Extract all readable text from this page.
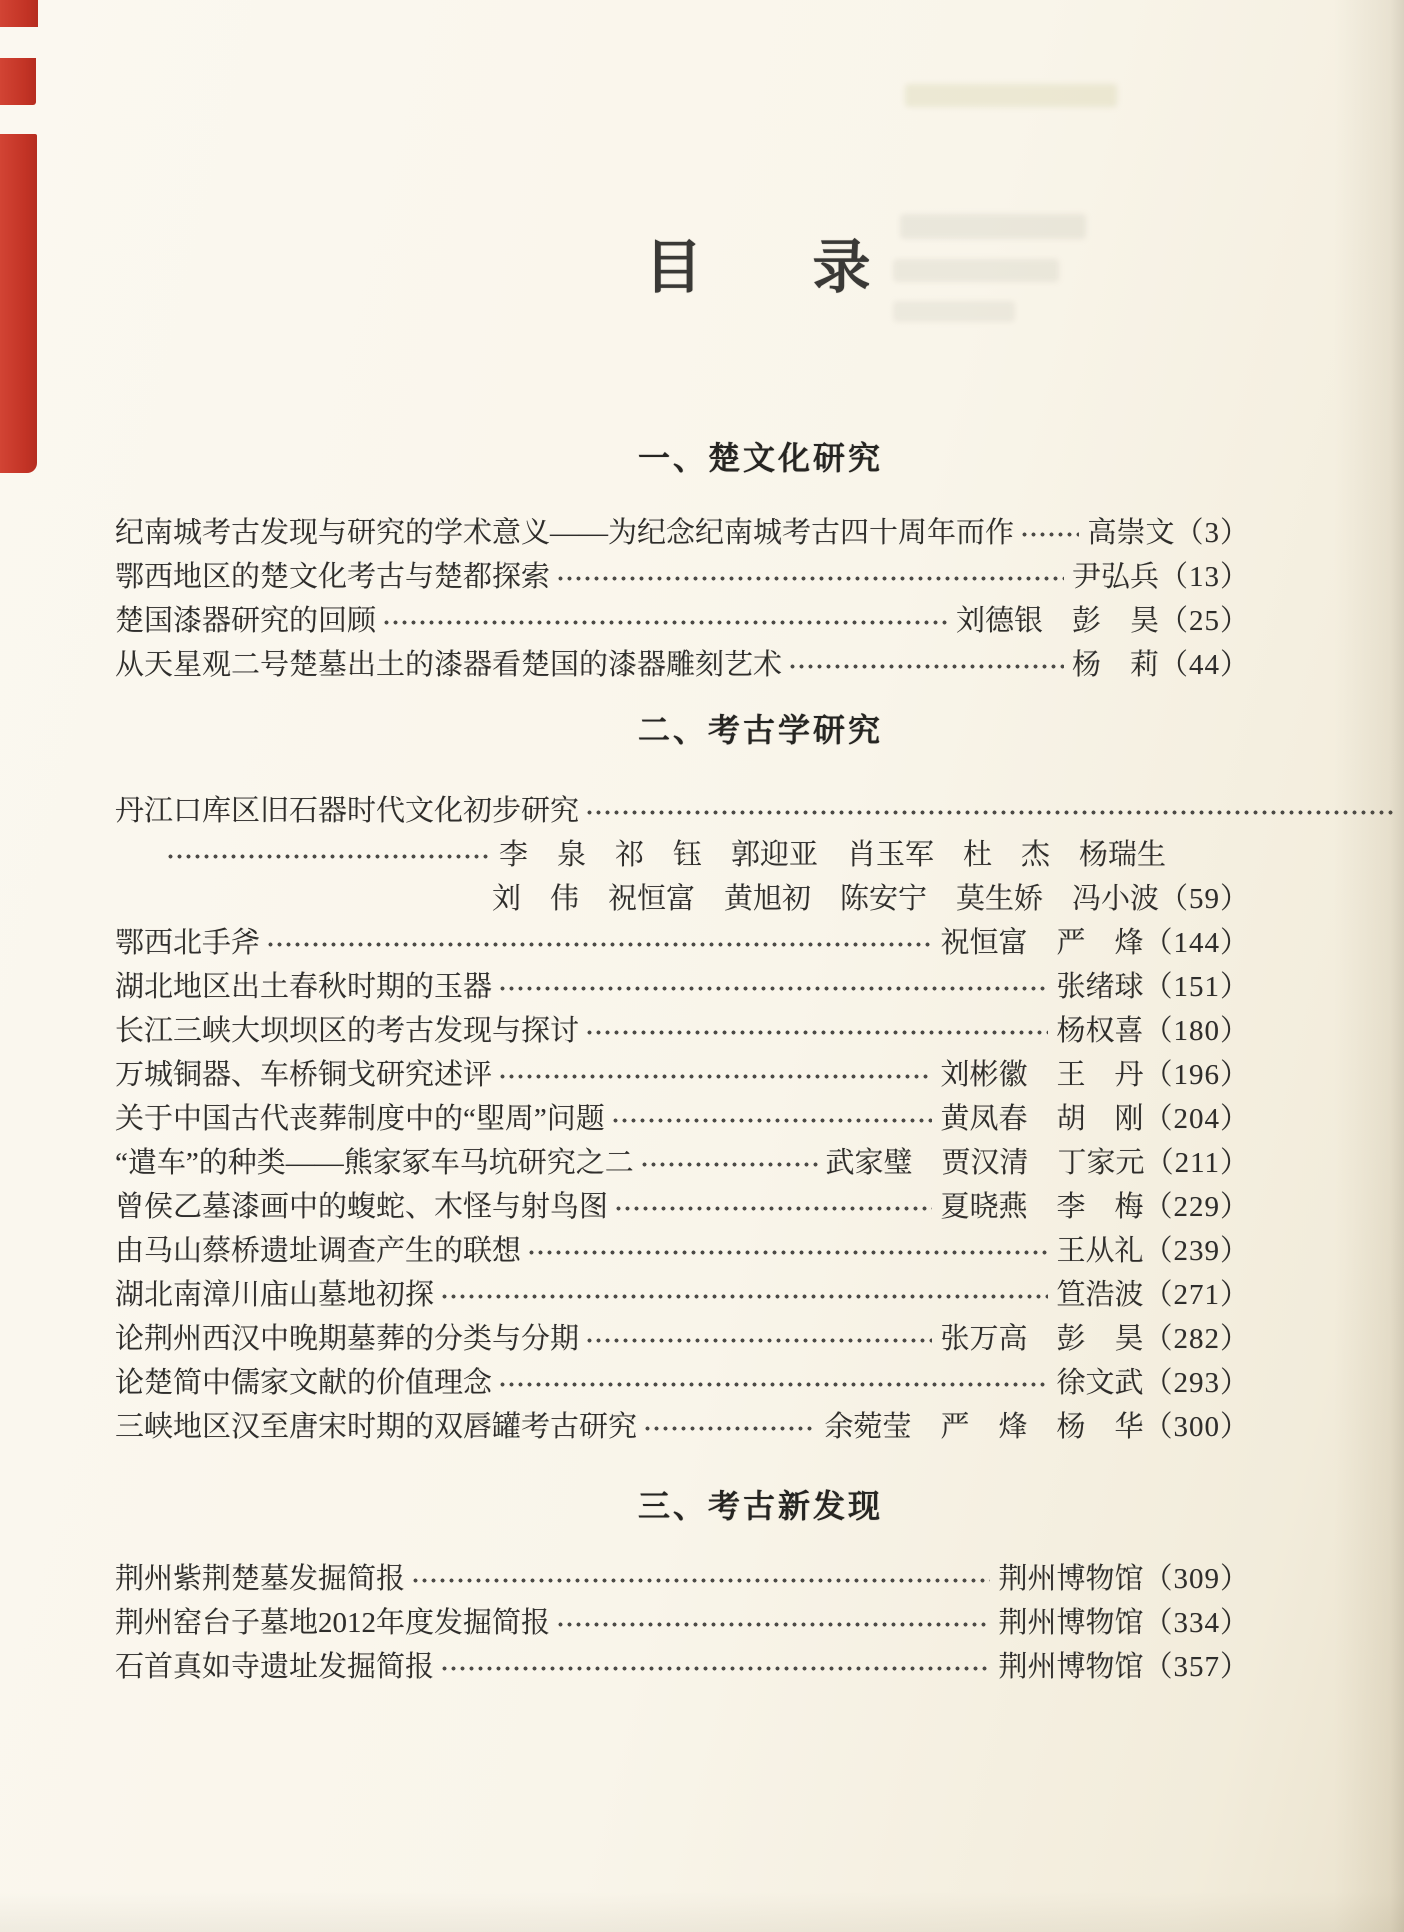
目　录
一、楚文化研究
纪南城考古发现与研究的学术意义——为纪念纪南城考古四十周年而作	高崇文 （3）
鄂西地区的楚文化考古与楚都探索	尹弘兵 （13）
楚国漆器研究的回顾	刘德银　彭　昊 （25）
从天星观二号楚墓出土的漆器看楚国的漆器雕刻艺术	杨　莉 （44）
二、考古学研究
丹江口库区旧石器时代文化初步研究
李　泉　祁　钰　郭迎亚　肖玉军　杜　杰　杨瑞生
刘　伟　祝恒富　黄旭初　陈安宁　莫生娇　冯小波 （59）
鄂西北手斧	祝恒富　严　烽 （144）
湖北地区出土春秋时期的玉器	张绪球 （151）
长江三峡大坝坝区的考古发现与探讨	杨权喜 （180）
万城铜器、车桥铜戈研究述评	刘彬徽　王　丹 （196）
关于中国古代丧葬制度中的“堲周”问题	黄凤春　胡　刚 （204）
“遣车”的种类——熊家冢车马坑研究之二	武家璧　贾汉清　丁家元 （211）
曾侯乙墓漆画中的蝮蛇、木怪与射鸟图	夏晓燕　李　梅 （229）
由马山蔡桥遗址调查产生的联想	王从礼 （239）
湖北南漳川庙山墓地初探	笪浩波 （271）
论荆州西汉中晚期墓葬的分类与分期	张万高　彭　昊 （282）
论楚简中儒家文献的价值理念	徐文武 （293）
三峡地区汉至唐宋时期的双唇罐考古研究	余菀莹　严　烽　杨　华 （300）
三、考古新发现
荆州紫荆楚墓发掘简报	荆州博物馆 （309）
荆州窑台子墓地2012年度发掘简报	荆州博物馆 （334）
石首真如寺遗址发掘简报	荆州博物馆 （357）
